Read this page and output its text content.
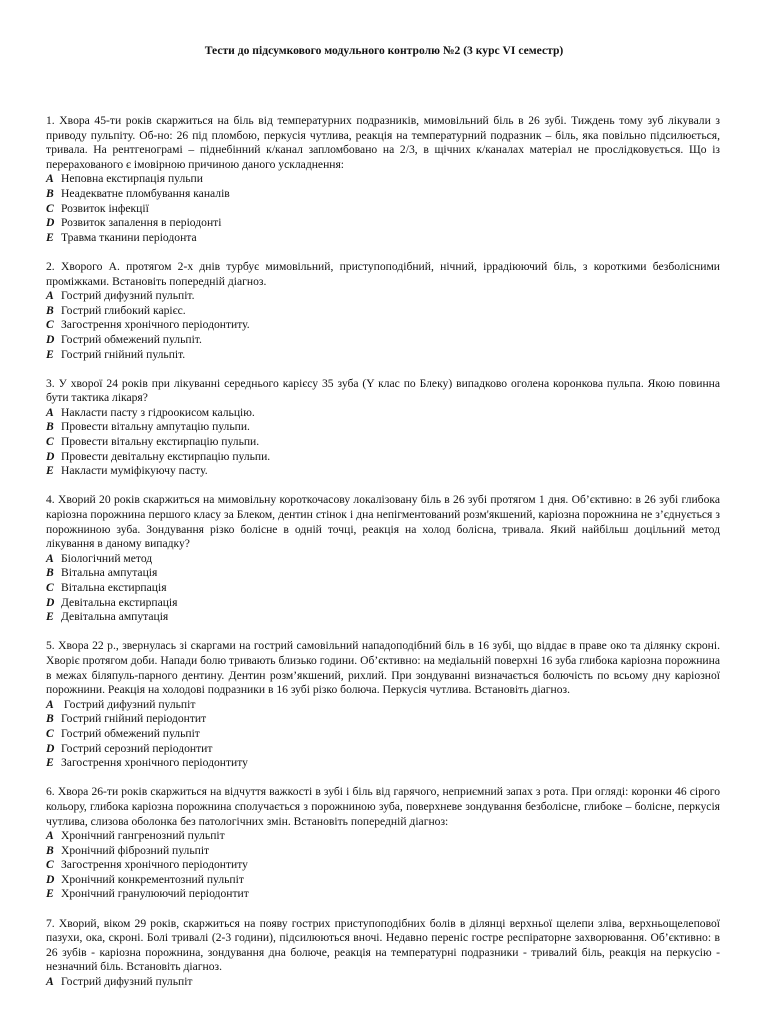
Тести до підсумкового модульного контролю №2 (3 курс VI семестр)

1. Хвора 45-ти років скаржиться на біль від температурних подразників, мимовільний біль в 26 зубі. Тиждень тому зуб лікували з приводу пульпіту. Об-но: 26 під пломбою, перкусія чутлива, реакція на температурний подразник – біль, яка повільно підсилюється, тривала. На рентгенограмі – піднебінний к/канал запломбовано на 2/3, в щічних к/каналах матеріал не прослідковується. Що із перерахованого є імовірною причиною даного ускладнення:

A Неповна екстирпація пульпи
B Неадекватне пломбування каналів
C Розвиток інфекції
D Розвиток запалення в періодонті
E Травма тканини періодонта

2. Хворого А. протягом 2-х днів турбує мимовільний, приступоподібний, нічний, іррадіюючий біль, з короткими безболісними проміжками. Встановіть попередній діагноз.

A Гострий дифузний пульпіт.
B Гострий глибокий карієс.
C Загострення хронічного періодонтиту.
D Гострий обмежений пульпіт.
E Гострий гнійний пульпіт.

3. У хворої 24 років при лікуванні середнього карієсу 35 зуба (Y клас по Блеку) випадково оголена коронкова пульпа. Якою повинна бути тактика лікаря?

A Накласти пасту з гідроокисом кальцію.
B Провести вітальну ампутацію пульпи.
C Провести вітальну екстирпацію пульпи.
D Провести девітальну екстирпацію пульпи.
E Накласти муміфікуючу пасту.

4. Хворий 20 років скаржиться на мимовільну короткочасову локалізовану біль в 26 зубі протягом 1 дня. Об’єктивно: в 26 зубі глибока каріозна порожнина першого класу за Блеком, дентин стінок і дна непігментований розм'якшений, каріозна порожнина не з’єднується з порожниною зуба. Зондування різко болісне в одній точці, реакція на холод болісна, тривала. Який найбільш доцільний метод лікування в даному випадку?

A Біологічний метод
B Вітальна ампутація
C Вітальна екстирпація
D Девітальна екстирпація
E Девітальна ампутація

5. Хвора 22 р., звернулась зі скаргами на гострий самовільний нападоподібний біль в 16 зубі, що віддає в праве око та ділянку скроні. Хворіє протягом доби. Напади болю тривають близько години. Об’єктивно: на медіальній поверхні 16 зуба глибока каріозна порожнина в межах біляпуль-парного дентину. Дентин розм’якшений, рихлий. При зондуванні визначається болючість по всьому дну каріозної порожнини. Реакція на холодові подразники в 16 зубі різко болюча. Перкусія чутлива. Встановіть діагноз.

A Гострий дифузний пульпіт
B Гострий гнійний періодонтит
C Гострий обмежений пульпіт
D Гострий серозний періодонтит
E Загострення хронічного періодонтиту

6. Хвора 26-ти років скаржиться на відчуття важкості в зубі і біль від гарячого, неприємний запах з рота. При огляді: коронки 46 сірого кольору, глибока каріозна порожнина сполучається з порожниною зуба, поверхневе зондування безболісне, глибоке – болісне, перкусія чутлива, слизова оболонка без патологічних змін. Встановіть попередній діагноз:

A Хронічний гангренозний пульпіт
B Хронічний фіброзний пульпіт
C Загострення хронічного періодонтиту
D Хронічний конкрементозний пульпіт
E Хронічний гранулюючий періодонтит

7. Хворий, віком 29 років, скаржиться на появу гострих приступоподібних болів в ділянці верхньої щелепи зліва, верхньощелепової пазухи, ока, скроні. Болі тривалі (2-3 години), підсилюються вночі. Недавно переніс гостре респіраторне захворювання. Об’єктивно: в 26 зубів - каріозна порожнина, зондування дна болюче, реакція на температурні подразники - тривалий біль, реакція на перкусію - незначний біль. Встановіть діагноз.

A Гострий дифузний пульпіт
